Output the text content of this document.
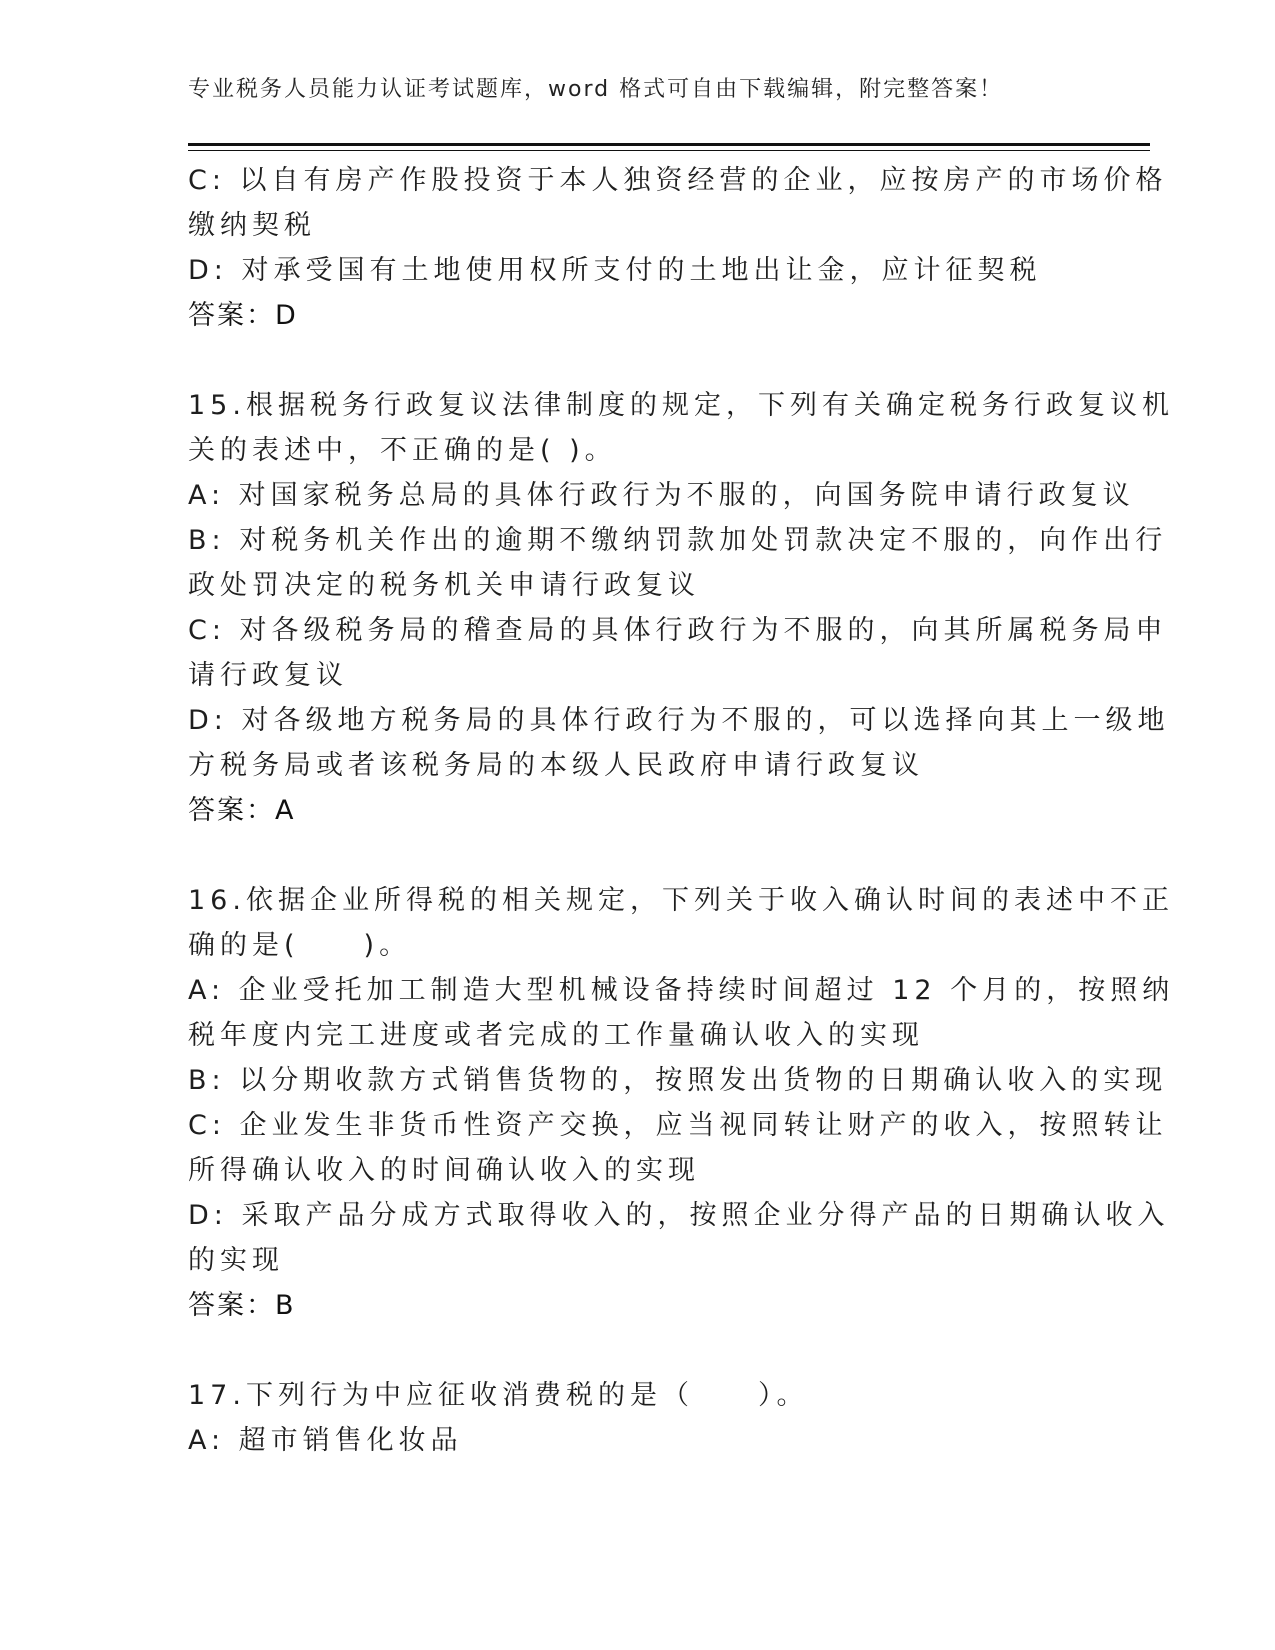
专业税务人员能力认证考试题库，word 格式可自由下载编辑，附完整答案！
C: 以自有房产作股投资于本人独资经营的企业，应按房产的市场价格
缴纳契税
D: 对承受国有土地使用权所支付的土地出让金，应计征契税
答案：D
15.根据税务行政复议法律制度的规定，下列有关确定税务行政复议机
关的表述中，不正确的是( )。
A: 对国家税务总局的具体行政行为不服的，向国务院申请行政复议
B: 对税务机关作出的逾期不缴纳罚款加处罚款决定不服的，向作出行
政处罚决定的税务机关申请行政复议
C: 对各级税务局的稽查局的具体行政行为不服的，向其所属税务局申
请行政复议
D: 对各级地方税务局的具体行政行为不服的，可以选择向其上一级地
方税务局或者该税务局的本级人民政府申请行政复议
答案：A
16.依据企业所得税的相关规定，下列关于收入确认时间的表述中不正
确的是(　　)。
A: 企业受托加工制造大型机械设备持续时间超过 12 个月的，按照纳
税年度内完工进度或者完成的工作量确认收入的实现
B: 以分期收款方式销售货物的，按照发出货物的日期确认收入的实现
C: 企业发生非货币性资产交换，应当视同转让财产的收入，按照转让
所得确认收入的时间确认收入的实现
D: 采取产品分成方式取得收入的，按照企业分得产品的日期确认收入
的实现
答案：B
17.下列行为中应征收消费税的是（　　）。
A: 超市销售化妆品
